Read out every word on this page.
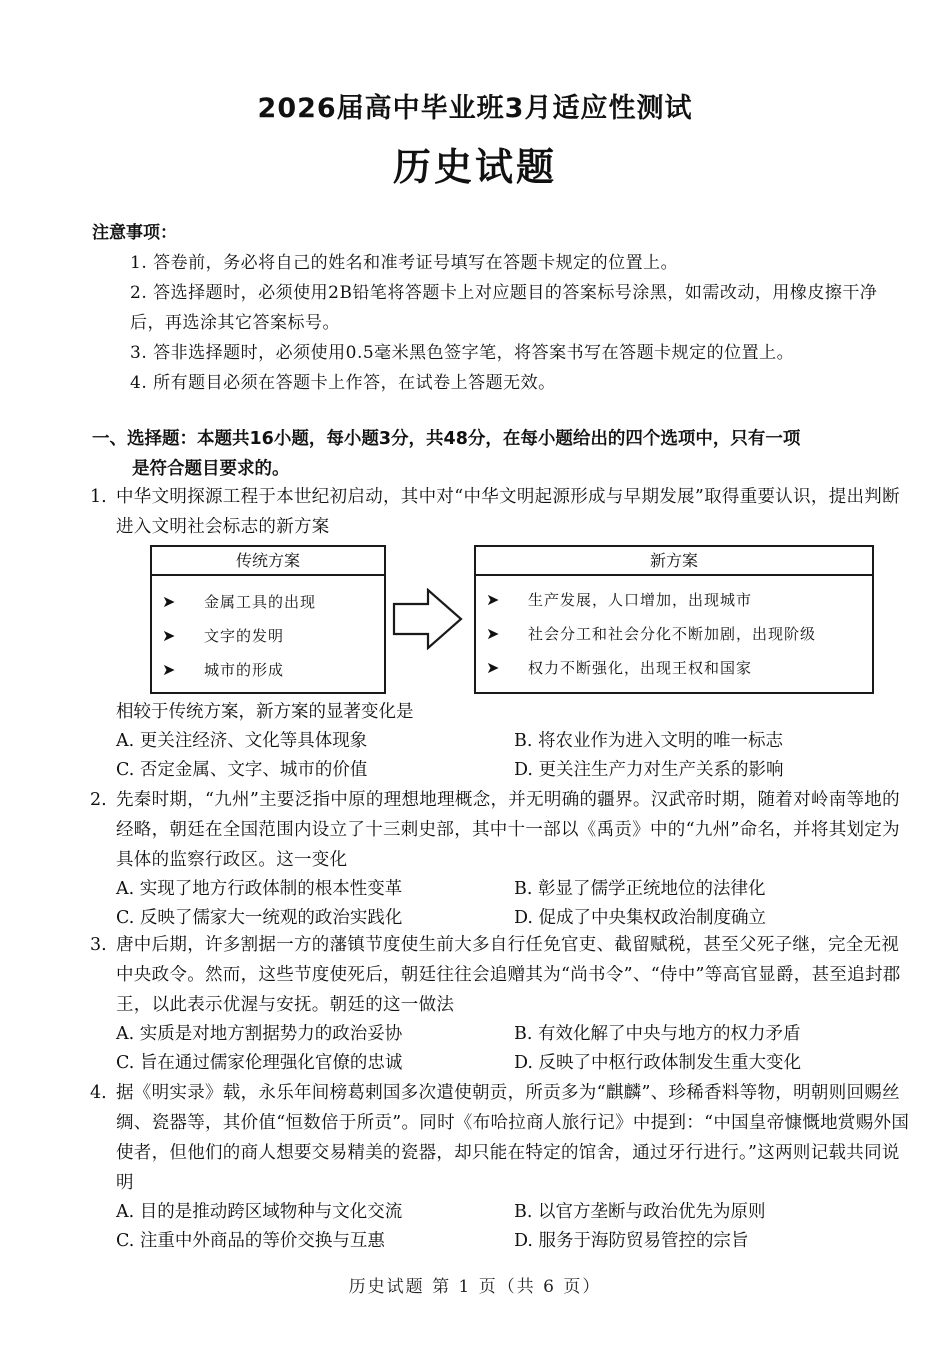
2026届高中毕业班3月适应性测试
历史试题
注意事项：
1. 答卷前，务必将自己的姓名和准考证号填写在答题卡规定的位置上。
2. 答选择题时，必须使用2B铅笔将答题卡上对应题目的答案标号涂黑，如需改动，用橡皮擦干净后，再选涂其它答案标号。
3. 答非选择题时，必须使用0.5毫米黑色签字笔，将答案书写在答题卡规定的位置上。
4. 所有题目必须在答题卡上作答，在试卷上答题无效。
一、选择题：本题共16小题，每小题3分，共48分，在每小题给出的四个选项中，只有一项
是符合题目要求的。
1. 中华文明探源工程于本世纪初启动，其中对“中华文明起源形成与早期发展”取得重要认识，提出判断进入文明社会标志的新方案
传统方案
➤	金属工具的出现
➤	文字的发明
➤	城市的形成
新方案
➤	生产发展，人口增加，出现城市
➤	社会分工和社会分化不断加剧，出现阶级
➤	权力不断强化，出现王权和国家
相较于传统方案，新方案的显著变化是
A. 更关注经济、文化等具体现象	B. 将农业作为进入文明的唯一标志
C. 否定金属、文字、城市的价值	D. 更关注生产力对生产关系的影响
2. 先秦时期，“九州”主要泛指中原的理想地理概念，并无明确的疆界。汉武帝时期，随着对岭南等地的经略，朝廷在全国范围内设立了十三刺史部，其中十一部以《禹贡》中的“九州”命名，并将其划定为具体的监察行政区。这一变化
A. 实现了地方行政体制的根本性变革	B. 彰显了儒学正统地位的法律化
C. 反映了儒家大一统观的政治实践化	D. 促成了中央集权政治制度确立
3. 唐中后期，许多割据一方的藩镇节度使生前大多自行任免官吏、截留赋税，甚至父死子继，完全无视中央政令。然而，这些节度使死后，朝廷往往会追赠其为“尚书令”、“侍中”等高官显爵，甚至追封郡王，以此表示优渥与安抚。朝廷的这一做法
A. 实质是对地方割据势力的政治妥协	B. 有效化解了中央与地方的权力矛盾
C. 旨在通过儒家伦理强化官僚的忠诚	D. 反映了中枢行政体制发生重大变化
4. 据《明实录》载，永乐年间榜葛剌国多次遣使朝贡，所贡多为“麒麟”、珍稀香料等物，明朝则回赐丝绸、瓷器等，其价值“恒数倍于所贡”。同时《布哈拉商人旅行记》中提到：“中国皇帝慷慨地赏赐外国使者，但他们的商人想要交易精美的瓷器，却只能在特定的馆舍，通过牙行进行。”这两则记载共同说明
A. 目的是推动跨区域物种与文化交流	B. 以官方垄断与政治优先为原则
C. 注重中外商品的等价交换与互惠	D. 服务于海防贸易管控的宗旨
历史试题 第 1 页（共 6 页）
